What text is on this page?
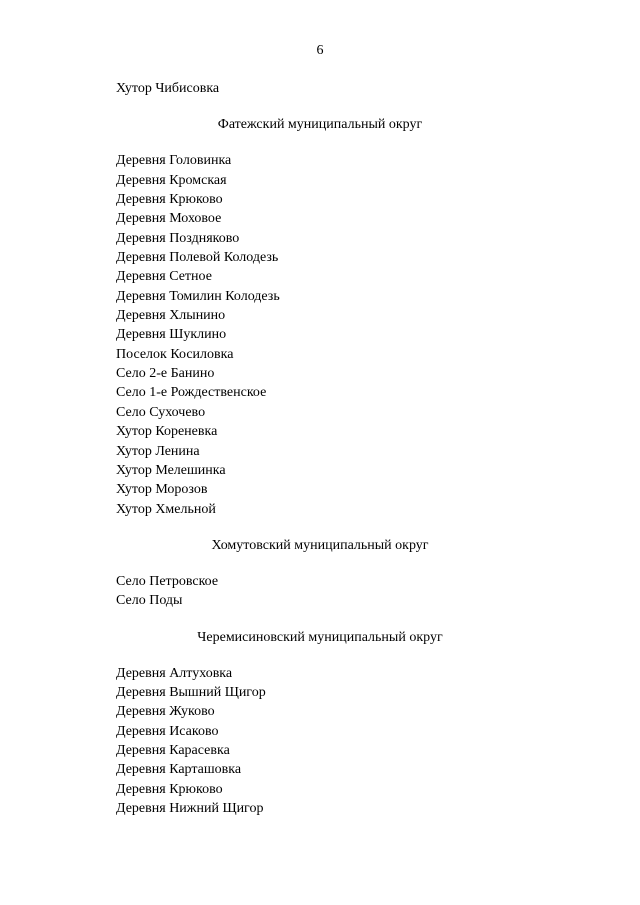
6
Хутор Чибисовка
Фатежский муниципальный округ
Деревня Головинка
Деревня Кромская
Деревня Крюково
Деревня Моховое
Деревня Поздняково
Деревня Полевой Колодезь
Деревня Сетное
Деревня Томилин Колодезь
Деревня Хлынино
Деревня Шуклино
Поселок Косиловка
Село 2-е Банино
Село 1-е Рождественское
Село Сухочево
Хутор Кореневка
Хутор Ленина
Хутор Мелешинка
Хутор Морозов
Хутор Хмельной
Хомутовский муниципальный округ
Село Петровское
Село Поды
Черемисиновский муниципальный округ
Деревня Алтуховка
Деревня Вышний Щигор
Деревня Жуково
Деревня Исаково
Деревня Карасевка
Деревня Карташовка
Деревня Крюково
Деревня Нижний Щигор
